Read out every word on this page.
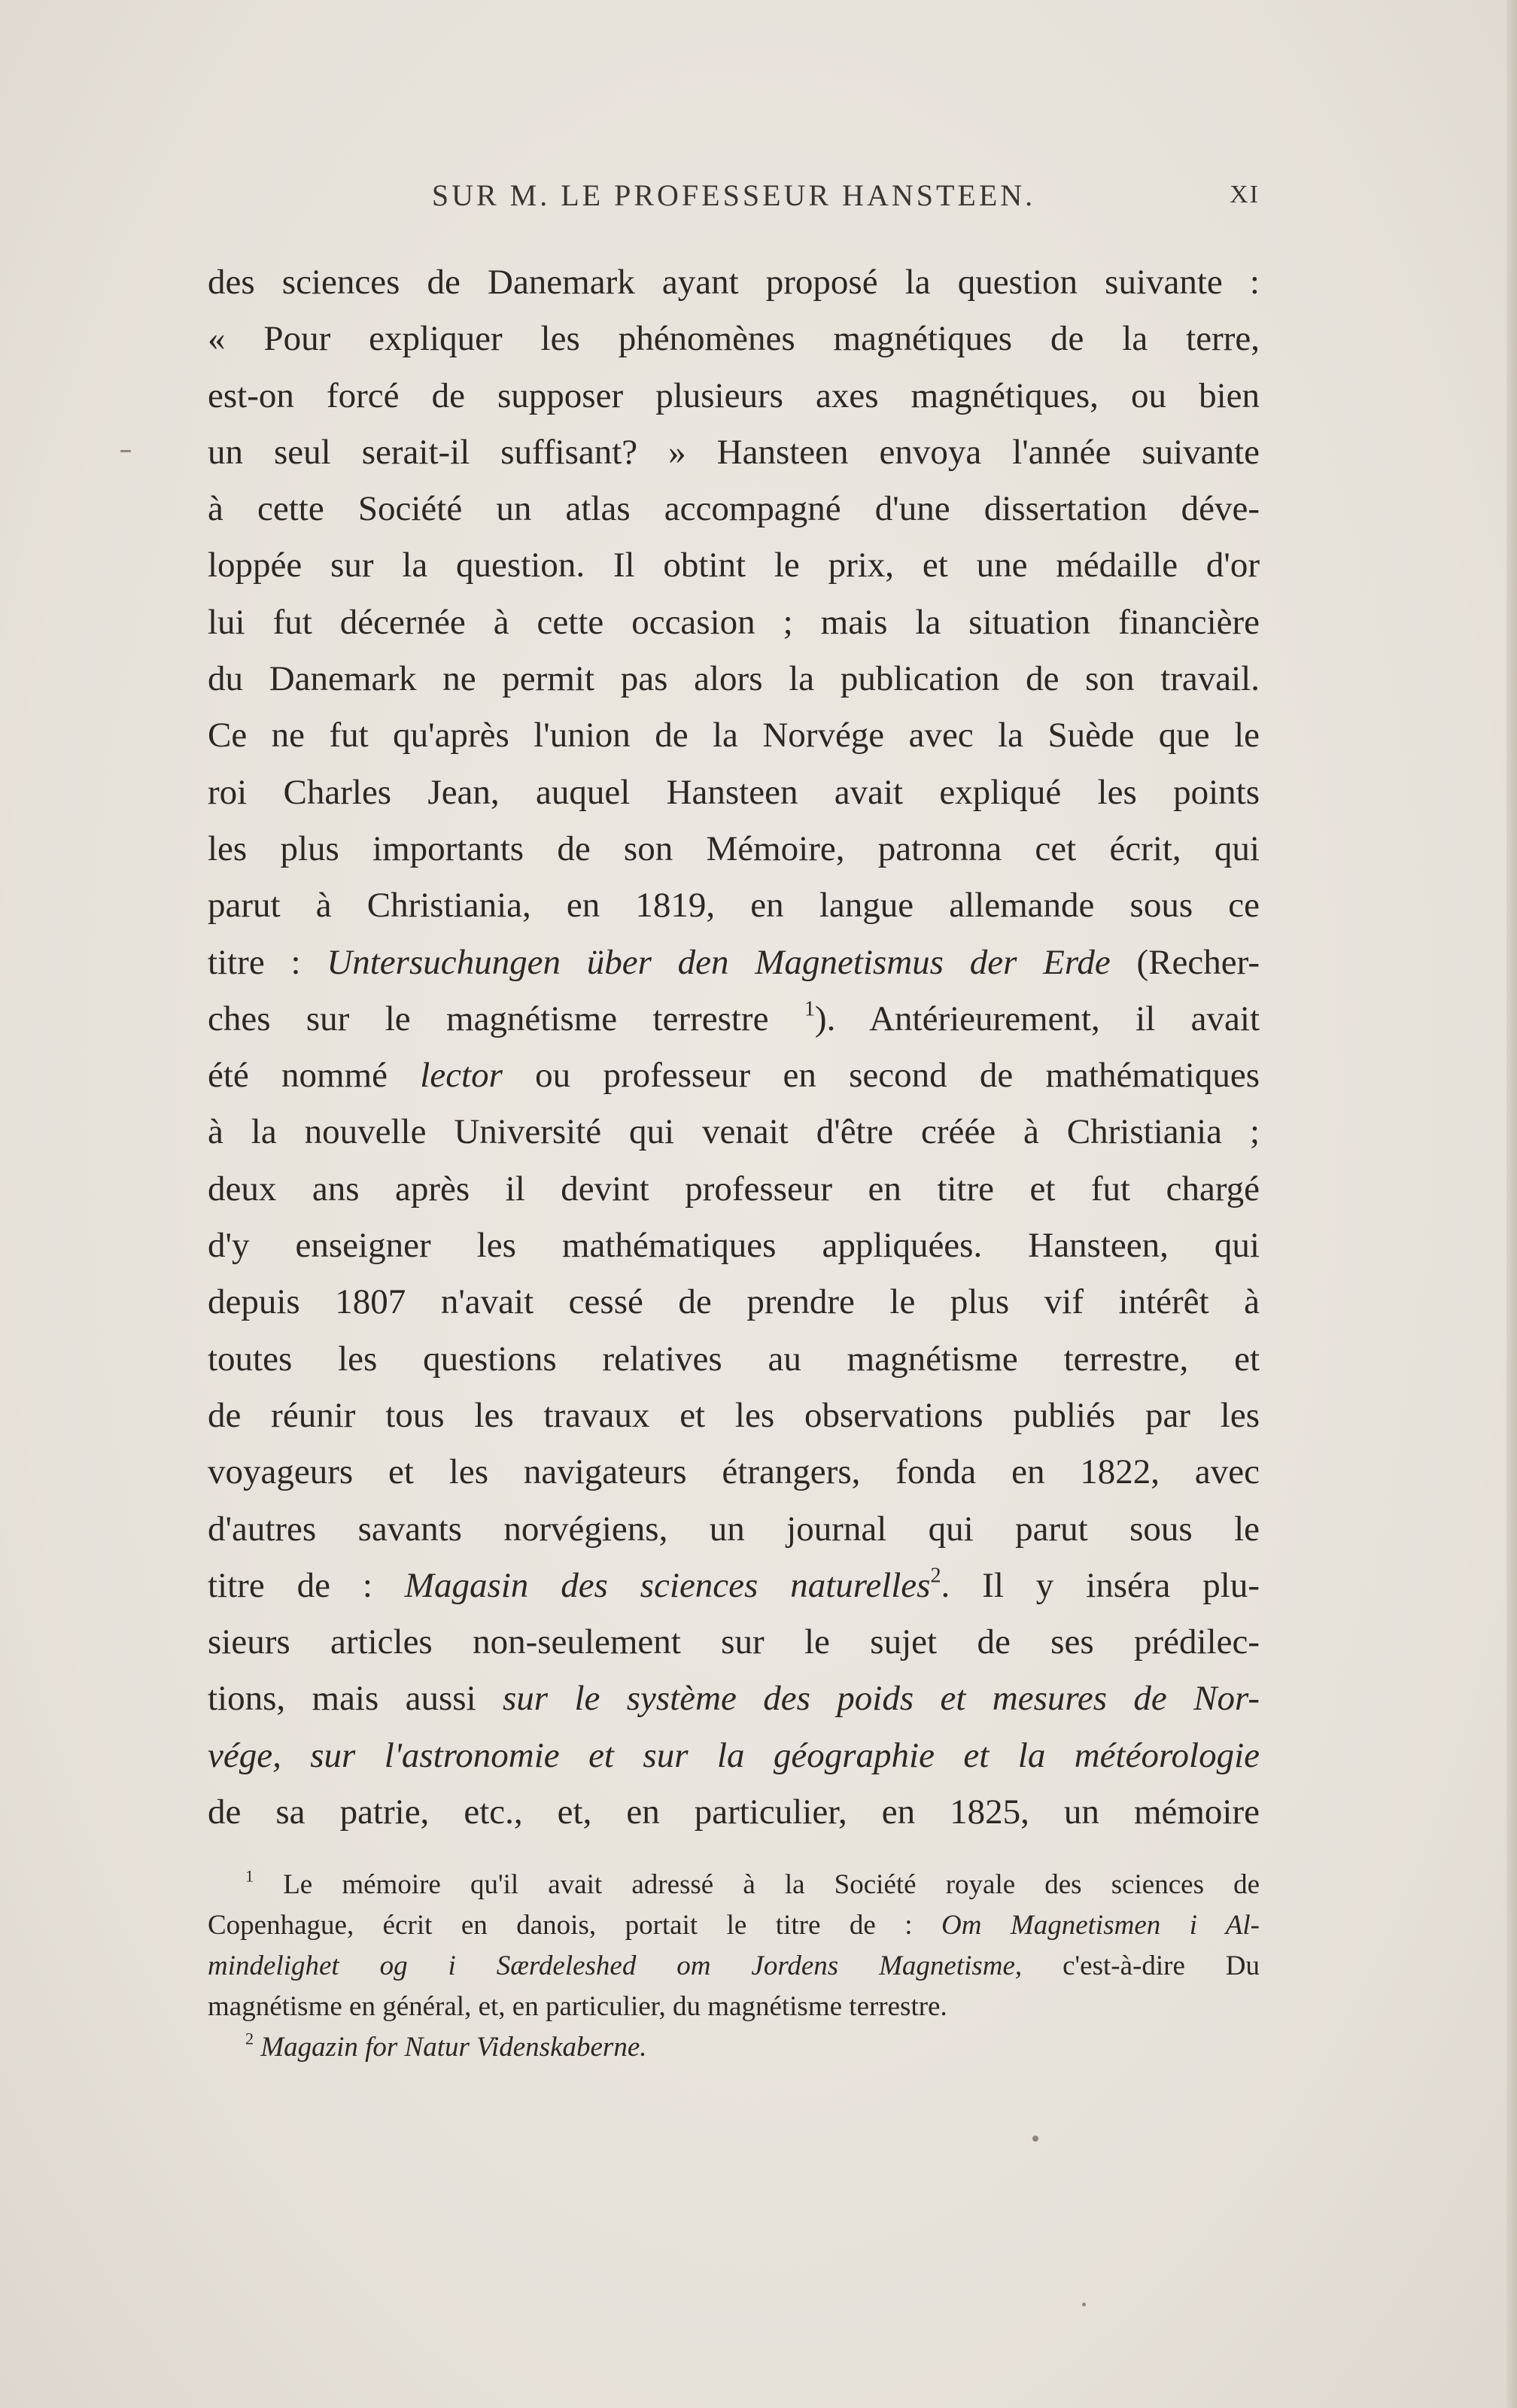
SUR M. LE PROFESSEUR HANSTEEN.	XI
des sciences de Danemark ayant proposé la question suivante :
« Pour expliquer les phénomènes magnétiques de la terre,
est-on forcé de supposer plusieurs axes magnétiques, ou bien
un seul serait-il suffisant? » Hansteen envoya l'année suivante
à cette Société un atlas accompagné d'une dissertation déve-
loppée sur la question. Il obtint le prix, et une médaille d'or
lui fut décernée à cette occasion ; mais la situation financière
du Danemark ne permit pas alors la publication de son travail.
Ce ne fut qu'après l'union de la Norvége avec la Suède que le
roi Charles Jean, auquel Hansteen avait expliqué les points
les plus importants de son Mémoire, patronna cet écrit, qui
parut à Christiania, en 1819, en langue allemande sous ce
titre : Untersuchungen über den Magnetismus der Erde (Recher-
ches sur le magnétisme terrestre $^1$). Antérieurement, il avait
été nommé lector ou professeur en second de mathématiques
à la nouvelle Université qui venait d'être créée à Christiania ;
deux ans après il devint professeur en titre et fut chargé
d'y enseigner les mathématiques appliquées. Hansteen, qui
depuis 1807 n'avait cessé de prendre le plus vif intérêt à
toutes les questions relatives au magnétisme terrestre, et
de réunir tous les travaux et les observations publiés par les
voyageurs et les navigateurs étrangers, fonda en 1822, avec
d'autres savants norvégiens, un journal qui parut sous le
titre de : Magasin des sciences naturelles$^2$. Il y inséra plu-
sieurs articles non-seulement sur le sujet de ses prédilec-
tions, mais aussi sur le système des poids et mesures de Nor-
vége, sur l'astronomie et sur la géographie et la météorologie
de sa patrie, etc., et, en particulier, en 1825, un mémoire
$^1$ Le mémoire qu'il avait adressé à la Société royale des sciences de
Copenhague, écrit en danois, portait le titre de : Om Magnetismen i Al-
mindelighet og i Særdeleshed om Jordens Magnetisme, c'est-à-dire Du
magnétisme en général, et, en particulier, du magnétisme terrestre.
$^2$ Magazin for Natur Videnskaberne.
